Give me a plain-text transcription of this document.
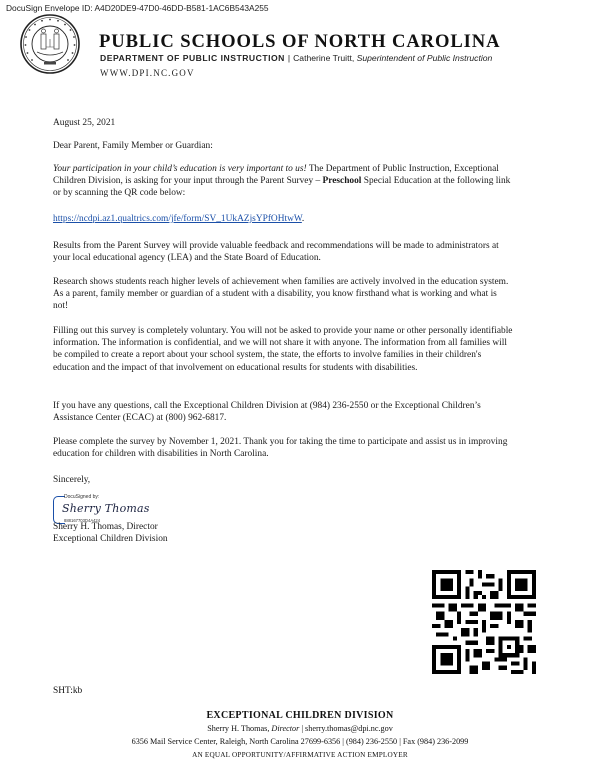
DocuSign Envelope ID: A4D20DE9-47D0-46DD-B581-1AC6B543A255
PUBLIC SCHOOLS OF NORTH CAROLINA
DEPARTMENT OF PUBLIC INSTRUCTION | Catherine Truitt, Superintendent of Public Instruction
WWW.DPI.NC.GOV
August 25, 2021
Dear Parent, Family Member or Guardian:
Your participation in your child’s education is very important to us! The Department of Public Instruction, Exceptional Children Division, is asking for your input through the Parent Survey – Preschool Special Education at the following link or by scanning the QR code below:
https://ncdpi.az1.qualtrics.com/jfe/form/SV_1UkAZjsYPfOHtwW.
Results from the Parent Survey will provide valuable feedback and recommendations will be made to administrators at your local educational agency (LEA) and the State Board of Education.
Research shows students reach higher levels of achievement when families are actively involved in the education system. As a parent, family member or guardian of a student with a disability, you know firsthand what is working and what is not!
Filling out this survey is completely voluntary. You will not be asked to provide your name or other personally identifiable information. The information is confidential, and we will not share it with anyone. The information from all families will be compiled to create a report about your school system, the state, the efforts to involve families in their children's education and the impact of that involvement on educational results for students with disabilities.
If you have any questions, call the Exceptional Children Division at (984) 236-2550 or the Exceptional Children’s Assistance Center (ECAC) at (800) 962-6817.
Please complete the survey by November 1, 2021. Thank you for taking the time to participate and assist us in improving education for children with disabilities in North Carolina.
Sincerely,
DocuSigned by:
Sherry Thomas
888167703D4A424
Sherry H. Thomas, Director
Exceptional Children Division
SHT:kb
EXCEPTIONAL CHILDREN DIVISION
Sherry H. Thomas, Director | sherry.thomas@dpi.nc.gov
6356 Mail Service Center, Raleigh, North Carolina 27699-6356 | (984) 236-2550 | Fax (984) 236-2099
AN EQUAL OPPORTUNITY/AFFIRMATIVE ACTION EMPLOYER
